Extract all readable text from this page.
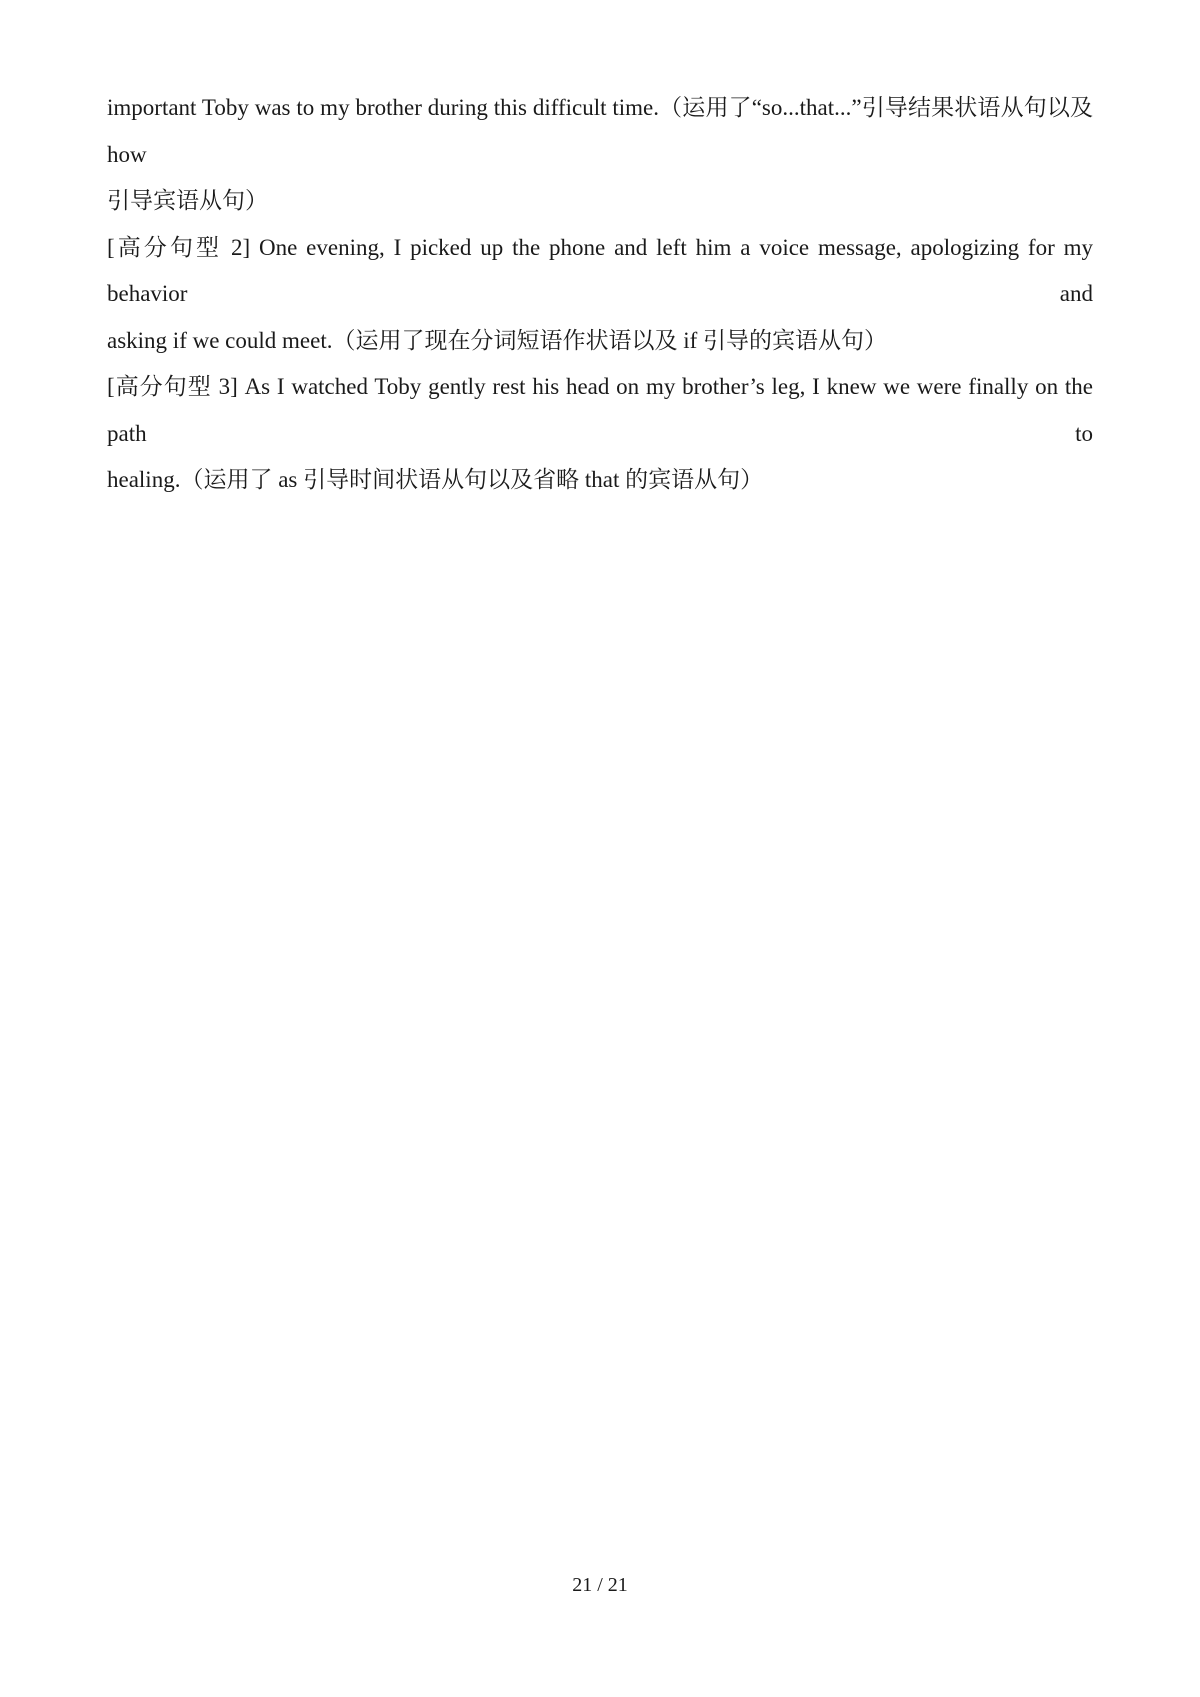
important Toby was to my brother during this difficult time.（运用了“so...that...”引导结果状语从句以及 how
引导宾语从句）

[高分句型 2] One evening, I picked up the phone and left him a voice message, apologizing for my behavior and
asking if we could meet.（运用了现在分词短语作状语以及 if 引导的宾语从句）

[高分句型 3] As I watched Toby gently rest his head on my brother’s leg, I knew we were finally on the path to
healing.（运用了 as 引导时间状语从句以及省略 that 的宾语从句）

21 / 21
